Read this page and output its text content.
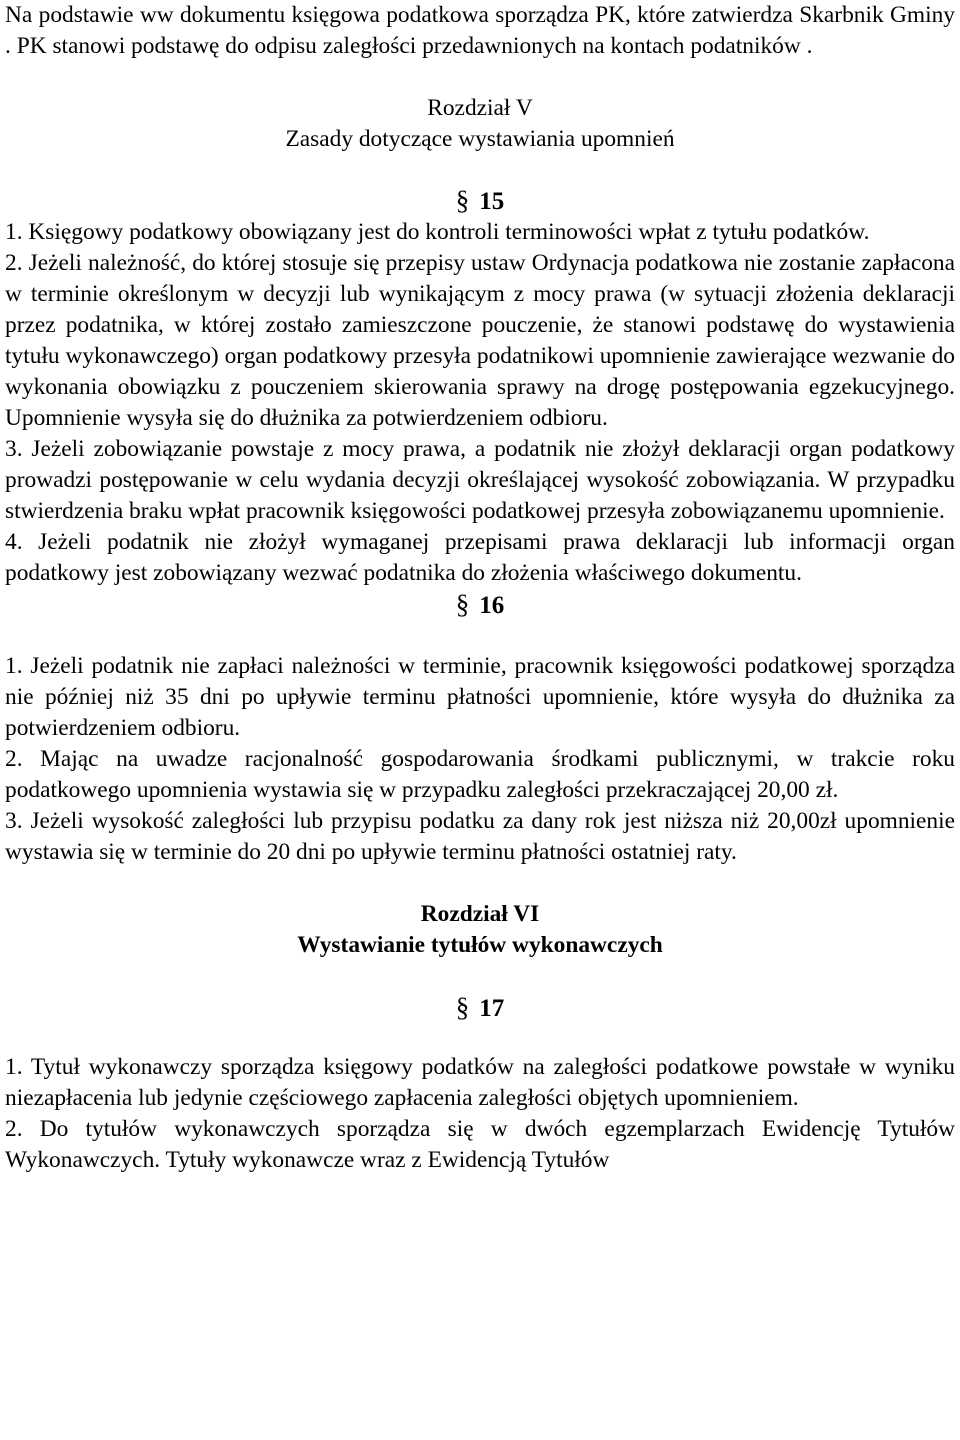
Na podstawie ww dokumentu księgowa podatkowa sporządza PK, które zatwierdza Skarbnik Gminy . PK stanowi podstawę do odpisu zaległości przedawnionych na kontach podatników .

Rozdział V

Zasady dotyczące wystawiania upomnień

§ 15

1. Księgowy podatkowy obowiązany jest do kontroli terminowości wpłat z tytułu podatków.

2. Jeżeli należność, do której stosuje się przepisy ustaw Ordynacja podatkowa nie zostanie zapłacona w terminie określonym w decyzji lub wynikającym z mocy prawa (w sytuacji złożenia deklaracji przez podatnika, w której zostało zamieszczone pouczenie, że stanowi podstawę do wystawienia tytułu wykonawczego) organ podatkowy przesyła podatnikowi upomnienie zawierające wezwanie do wykonania obowiązku z pouczeniem skierowania sprawy na drogę postępowania egzekucyjnego. Upomnienie wysyła się do dłużnika za potwierdzeniem odbioru.

3. Jeżeli zobowiązanie powstaje z mocy prawa, a podatnik nie złożył deklaracji organ podatkowy prowadzi postępowanie w celu wydania decyzji określającej wysokość zobowiązania. W przypadku stwierdzenia braku wpłat pracownik księgowości podatkowej przesyła zobowiązanemu upomnienie.

4. Jeżeli podatnik nie złożył wymaganej przepisami prawa deklaracji lub informacji organ podatkowy jest zobowiązany wezwać podatnika do złożenia właściwego dokumentu.

§ 16

1. Jeżeli podatnik nie zapłaci należności w terminie, pracownik księgowości podatkowej sporządza nie później niż 35 dni po upływie terminu płatności upomnienie, które wysyła do dłużnika za potwierdzeniem odbioru.

2. Mając na uwadze racjonalność gospodarowania środkami publicznymi, w trakcie roku podatkowego upomnienia wystawia się w przypadku zaległości przekraczającej 20,00 zł.

3. Jeżeli wysokość zaległości lub przypisu podatku za dany rok jest niższa niż 20,00zł upomnienie wystawia się w terminie do 20 dni po upływie terminu płatności ostatniej raty.

Rozdział VI

Wystawianie tytułów wykonawczych

§ 17

1. Tytuł wykonawczy sporządza księgowy podatków na zaległości podatkowe powstałe w wyniku niezapłacenia lub jedynie częściowego zapłacenia zaległości objętych upomnieniem.

2. Do tytułów wykonawczych sporządza się w dwóch egzemplarzach Ewidencję Tytułów Wykonawczych. Tytuły wykonawcze wraz z Ewidencją Tytułów
